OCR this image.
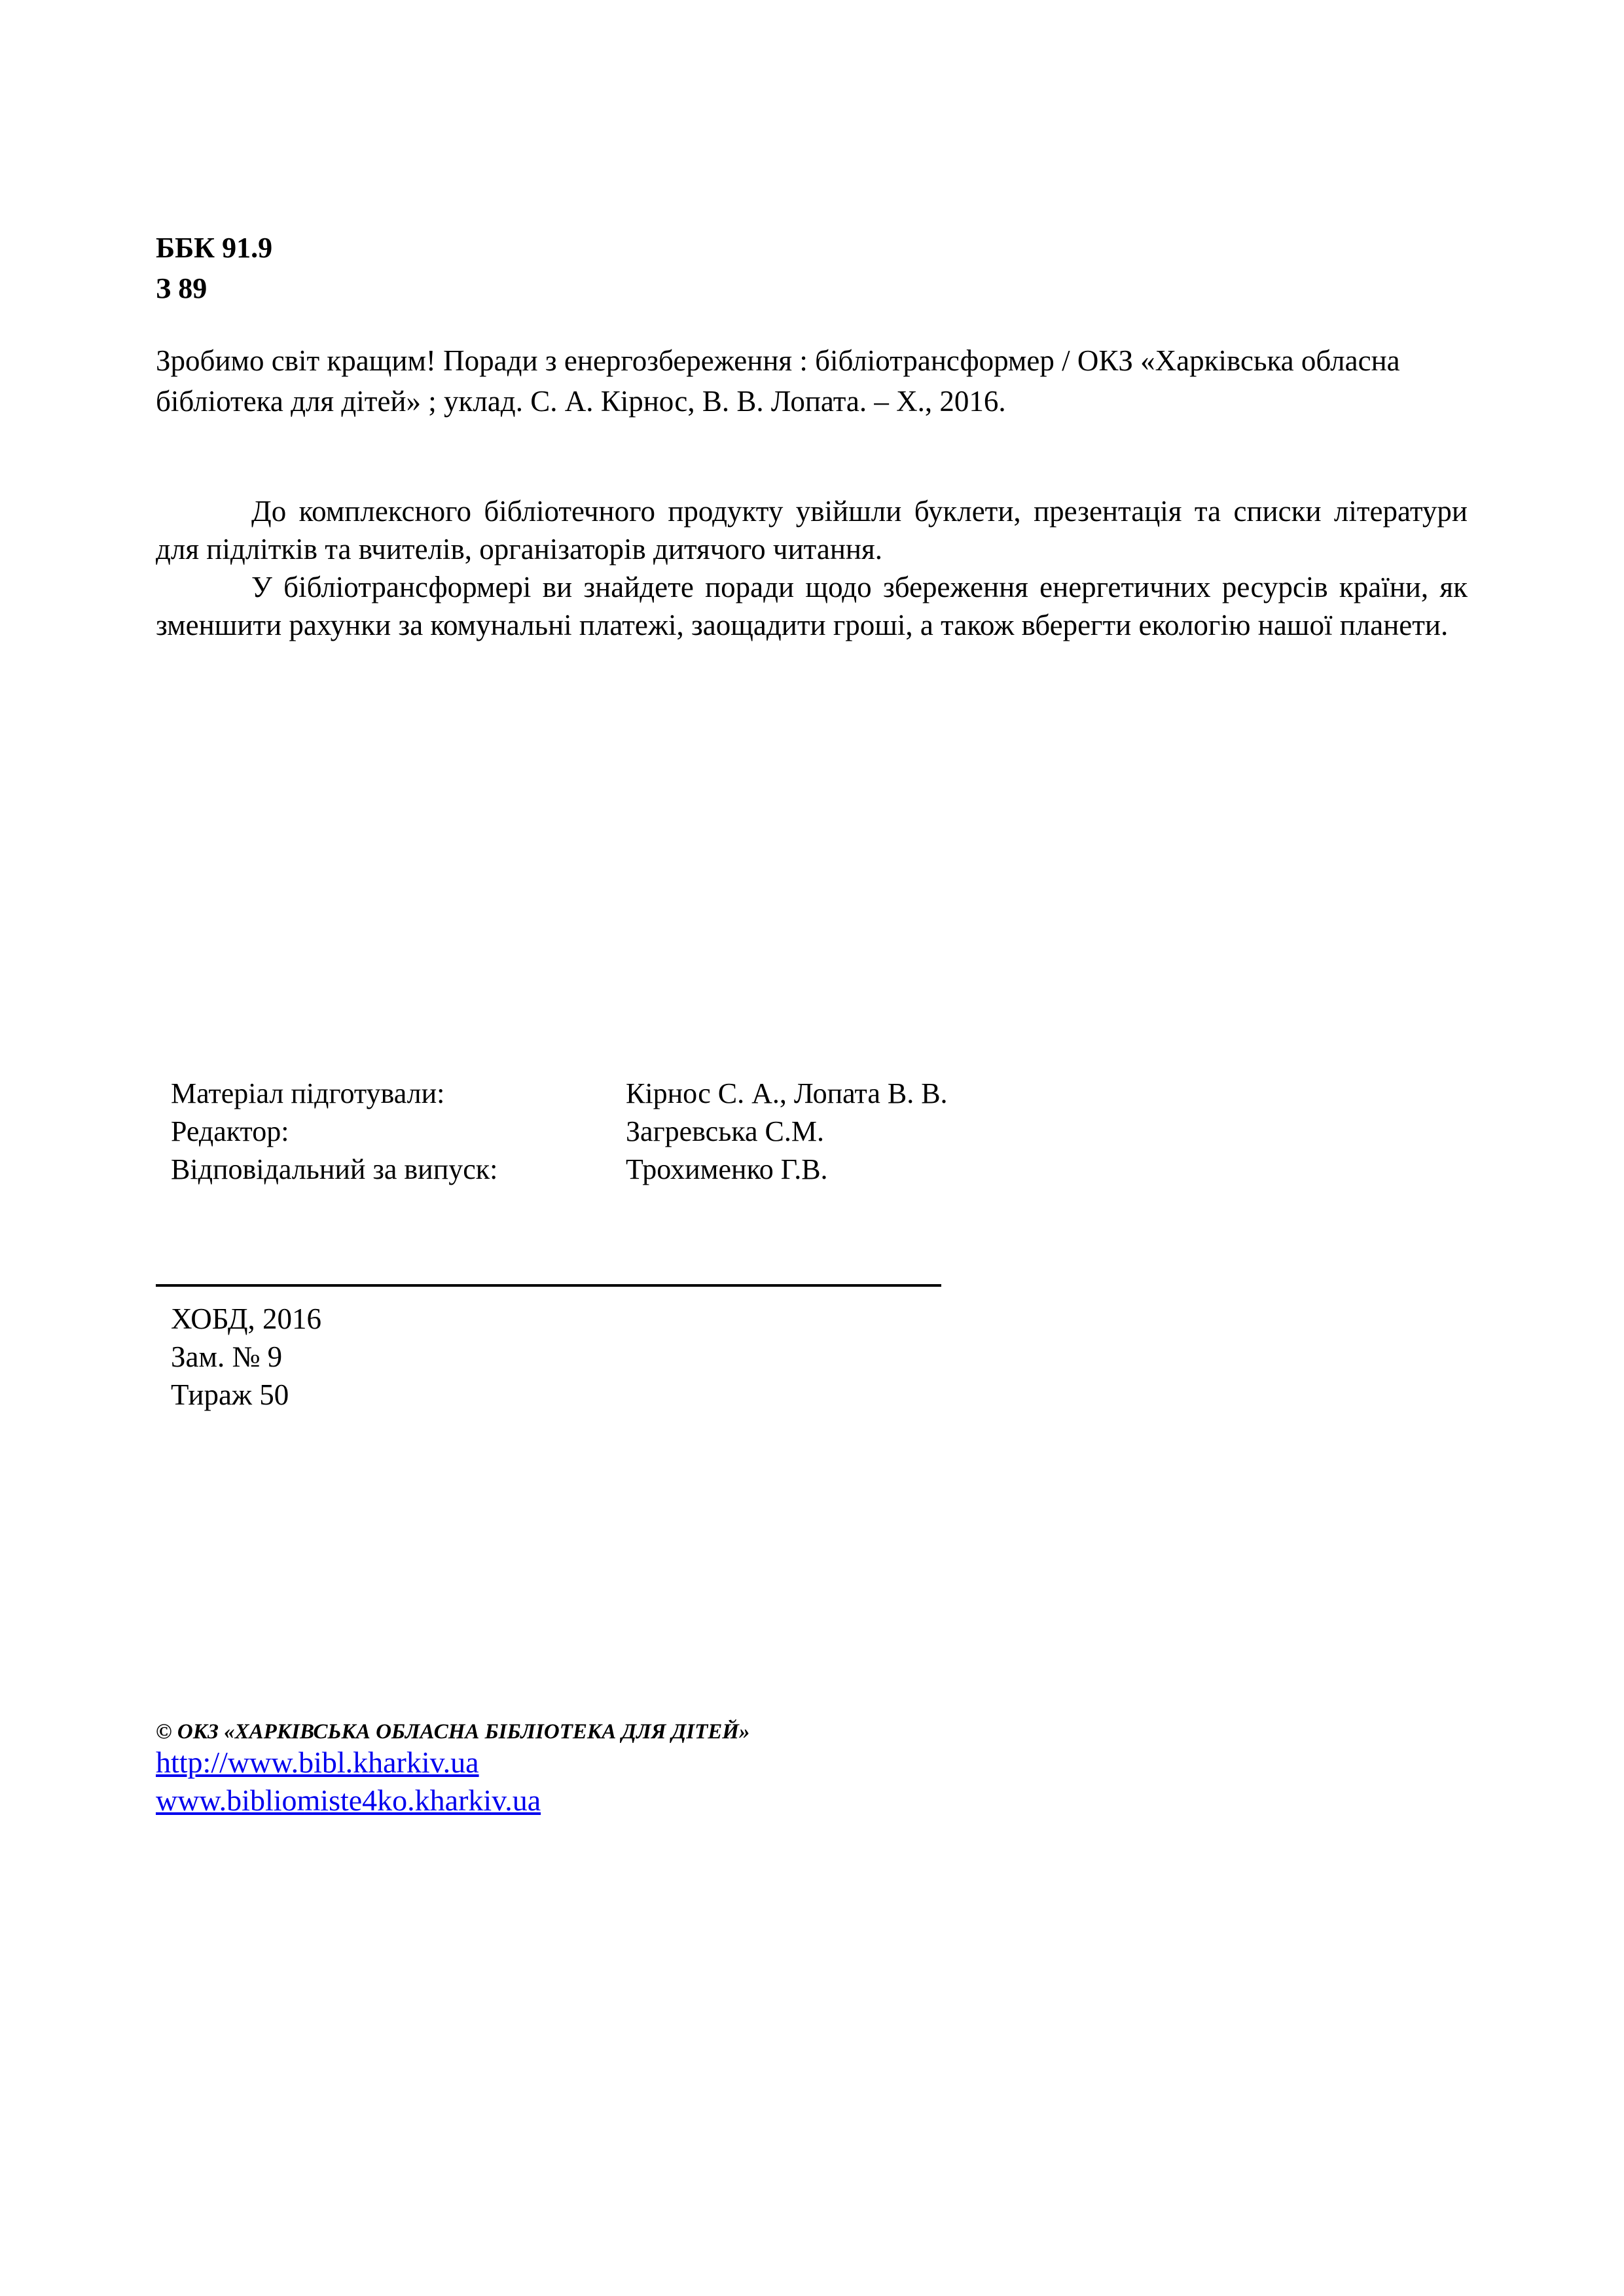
ББК 91.9
З 89
Зробимо світ кращим! Поради з енергозбереження : бібліотрансформер / ОКЗ «Харківська обласна бібліотека для дітей» ; уклад. С. А. Кірнос, В. В. Лопата. – Х., 2016.

До комплексного бібліотечного продукту увійшли буклети, презентація та списки літератури для підлітків та вчителів, організаторів дитячого читання.

У бібліотрансформері ви знайдете поради щодо збереження енергетичних ресурсів країни, як зменшити рахунки за комунальні платежі, заощадити гроші, а також вберегти екологію нашої планети.

Матеріал підготували:	Кірнос С. А., Лопата В. В.
Редактор:	Загревська С.М.
Відповідальний за випуск:	Трохименко Г.В.
ХОБД, 2016
Зам. № 9
Тираж 50
© ОКЗ «ХАРКІВСЬКА ОБЛАСНА БІБЛІОТЕКА ДЛЯ ДІТЕЙ»
http://www.bibl.kharkiv.ua
www.bibliomiste4ko.kharkiv.ua
